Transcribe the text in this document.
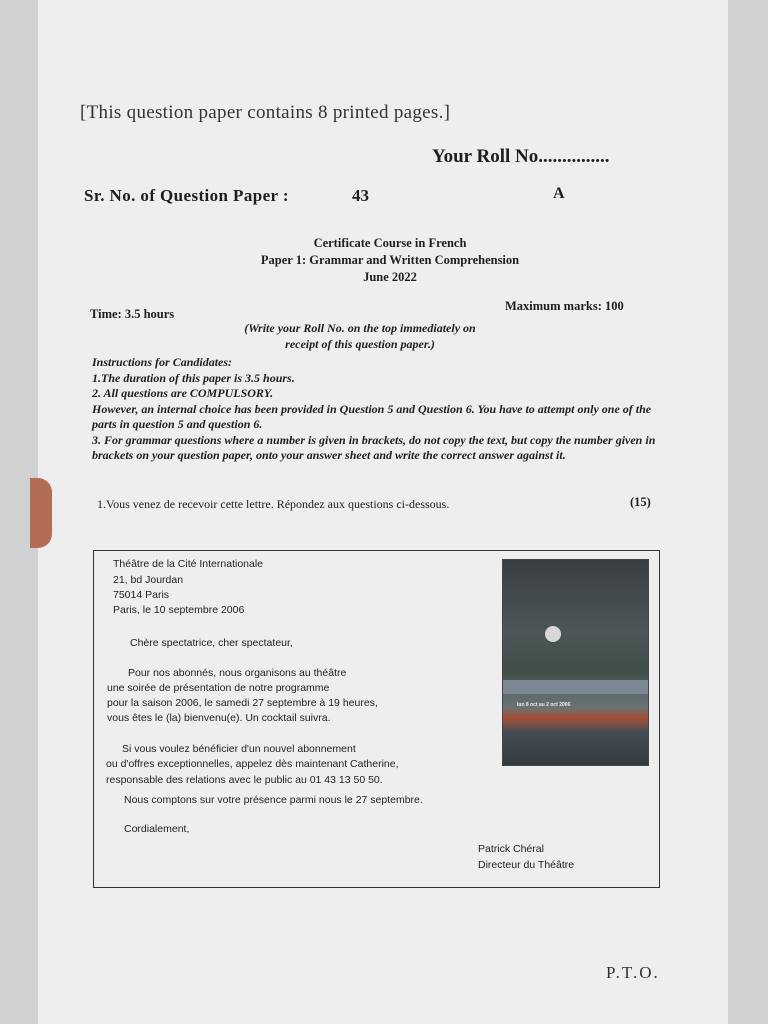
[This question paper contains 8 printed pages.]
Your Roll No...............
Sr. No. of Question Paper :	43	A
Certificate Course in French
Paper 1: Grammar and Written Comprehension
June 2022
Maximum marks: 100
Time: 3.5 hours
(Write your Roll No. on the top immediately on receipt of this question paper.)

Instructions for Candidates:

1.The duration of this paper is 3.5 hours.

2. All questions are COMPULSORY.

However, an internal choice has been provided in Question 5 and Question 6. You have to attempt only one of the parts in question 5 and question 6.

3. For grammar questions where a number is given in brackets, do not copy the text, but copy the number given in brackets on your question paper, onto your answer sheet and write the correct answer against it.

1.Vous venez de recevoir cette lettre. Répondez aux questions ci-dessous.	(15)
Théâtre de la Cité Internationale
21, bd Jourdan
75014 Paris
Paris, le 10 septembre 2006
Chère spectatrice, cher spectateur,
Pour nos abonnés, nous organisons au théâtre
une soirée de présentation de notre programme
pour la saison 2006, le samedi 27 septembre à 19 heures,
vous êtes le (la) bienvenu(e). Un cocktail suivra.
Si vous voulez bénéficier d'un nouvel abonnement
ou d'offres exceptionnelles, appelez dès maintenant Catherine,
responsable des relations avec le public au 01 43 13 50 50.
Nous comptons sur votre présence parmi nous le 27 septembre.
Cordialement,
Patrick Chéral
Directeur du Théâtre
lun 8 oct au 2 oct 2006
P.T.O.
